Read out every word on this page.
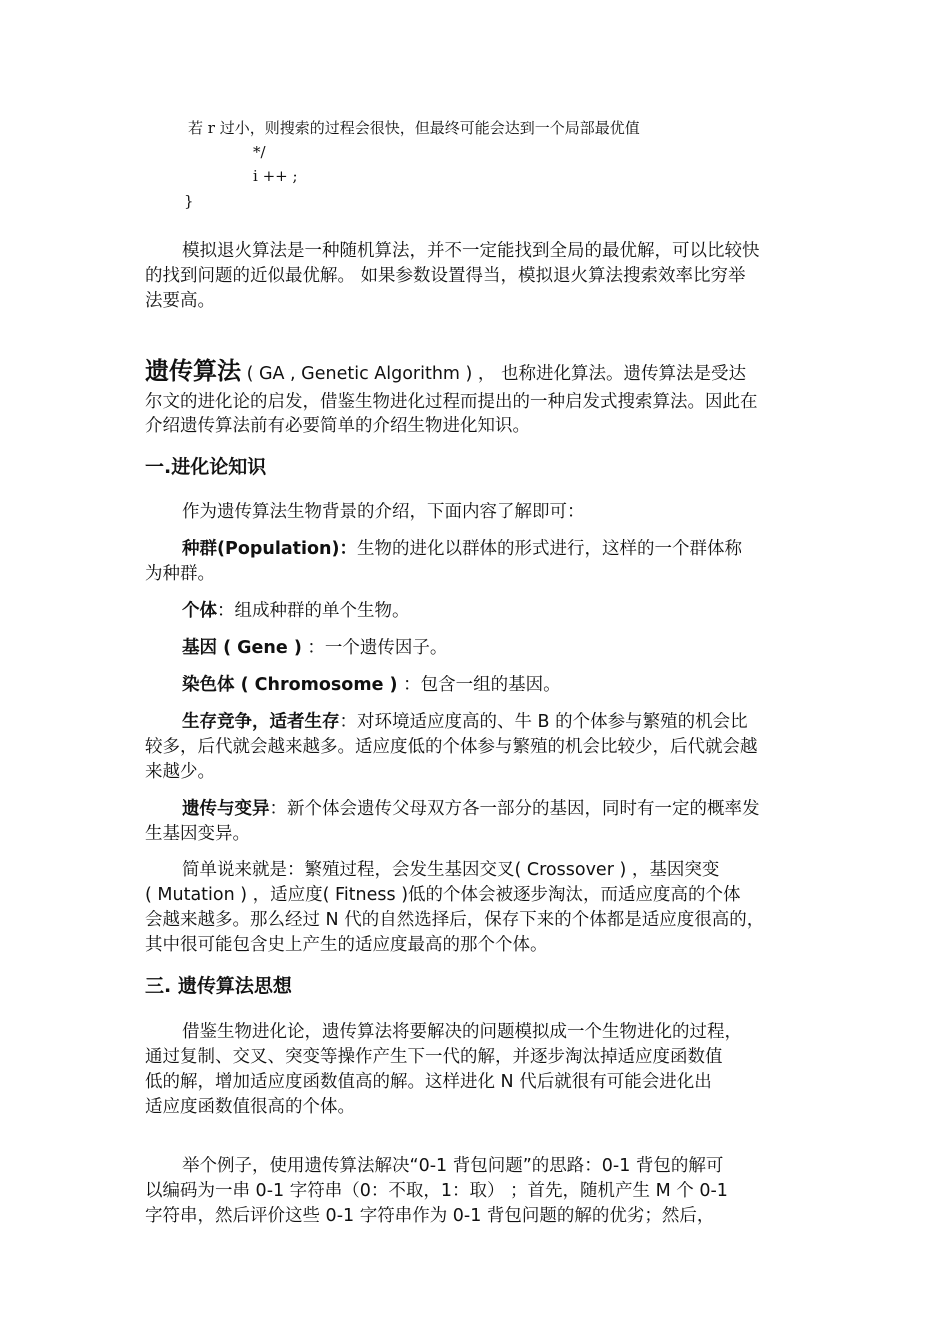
若 r 过小，则搜索的过程会很快，但最终可能会达到一个局部最优值
*/
i ++ ;
}
模拟退火算法是一种随机算法，并不一定能找到全局的最优解，可以比较快
的找到问题的近似最优解。 如果参数设置得当，模拟退火算法搜索效率比穷举
法要高。
遗传算法 ( GA , Genetic Algorithm ) ， 也称进化算法。遗传算法是受达
尔文的进化论的启发，借鉴生物进化过程而提出的一种启发式搜索算法。因此在
介绍遗传算法前有必要简单的介绍生物进化知识。
一.进化论知识
作为遗传算法生物背景的介绍，下面内容了解即可：
种群(Population)：生物的进化以群体的形式进行，这样的一个群体称
为种群。
个体：组成种群的单个生物。
基因 ( Gene ) ：一个遗传因子。
染色体 ( Chromosome ) ：包含一组的基因。
生存竞争，适者生存：对环境适应度高的、牛 B 的个体参与繁殖的机会比
较多，后代就会越来越多。适应度低的个体参与繁殖的机会比较少，后代就会越
来越少。
遗传与变异：新个体会遗传父母双方各一部分的基因，同时有一定的概率发
生基因变异。
简单说来就是：繁殖过程，会发生基因交叉( Crossover ) ，基因突变
( Mutation ) ，适应度( Fitness )低的个体会被逐步淘汰，而适应度高的个体
会越来越多。那么经过 N 代的自然选择后，保存下来的个体都是适应度很高的，
其中很可能包含史上产生的适应度最高的那个个体。
三. 遗传算法思想
借鉴生物进化论，遗传算法将要解决的问题模拟成一个生物进化的过程，
通过复制、交叉、突变等操作产生下一代的解，并逐步淘汰掉适应度函数值
低的解，增加适应度函数值高的解。这样进化 N 代后就很有可能会进化出
适应度函数值很高的个体。
举个例子，使用遗传算法解决“0-1 背包问题”的思路：0-1 背包的解可
以编码为一串 0-1 字符串（0：不取，1：取） ；首先，随机产生 M 个 0-1
字符串，然后评价这些 0-1 字符串作为 0-1 背包问题的解的优劣；然后，
